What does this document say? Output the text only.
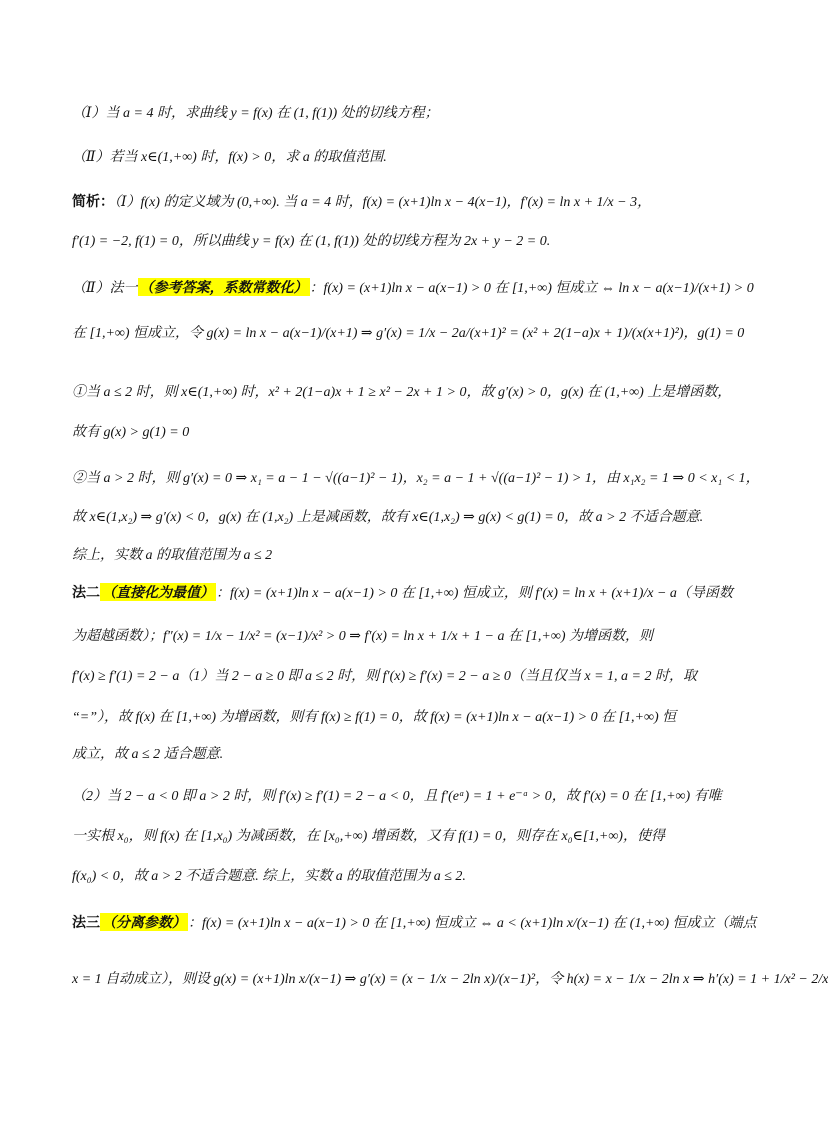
（Ⅰ）当 a = 4 时，求曲线 y = f(x) 在 (1, f(1)) 处的切线方程；
（Ⅱ）若当 x∈(1,+∞) 时，f(x) > 0，求 a 的取值范围.
简析：（Ⅰ）f(x) 的定义域为 (0,+∞). 当 a = 4 时，f(x) = (x+1)ln x − 4(x−1)，f′(x) = ln x + 1/x − 3，
f′(1) = −2, f(1) = 0，所以曲线 y = f(x) 在 (1, f(1)) 处的切线方程为 2x + y − 2 = 0.
（Ⅱ）法一 （参考答案，系数常数化） ：f(x) = (x+1)ln x − a(x−1) > 0 在 [1,+∞) 恒成立 ⇔ ln x − a(x−1)/(x+1) > 0
在 [1,+∞) 恒成立，令 g(x) = ln x − a(x−1)/(x+1) ⇒ g′(x) = 1/x − 2a/(x+1)² = (x² + 2(1−a)x + 1)/(x(x+1)²)，g(1) = 0
①当 a ≤ 2 时，则 x∈(1,+∞) 时，x² + 2(1−a)x + 1 ≥ x² − 2x + 1 > 0，故 g′(x) > 0，g(x) 在 (1,+∞) 上是增函数，
故有 g(x) > g(1) = 0
②当 a > 2 时，则 g′(x) = 0 ⇒ x₁ = a − 1 − √((a−1)² − 1)，x₂ = a − 1 + √((a−1)² − 1) > 1，由 x₁x₂ = 1 ⇒ 0 < x₁ < 1，
故 x∈(1,x₂) ⇒ g′(x) < 0，g(x) 在 (1,x₂) 上是减函数，故有 x∈(1,x₂) ⇒ g(x) < g(1) = 0，故 a > 2 不适合题意.
综上，实数 a 的取值范围为 a ≤ 2
法二 （直接化为最值） ：f(x) = (x+1)ln x − a(x−1) > 0 在 [1,+∞) 恒成立，则 f′(x) = ln x + (x+1)/x − a（导函数
为超越函数）；f″(x) = 1/x − 1/x² = (x−1)/x² > 0 ⇒ f′(x) = ln x + 1/x + 1 − a 在 [1,+∞) 为增函数，则
f′(x) ≥ f′(1) = 2 − a（1）当 2 − a ≥ 0 即 a ≤ 2 时，则 f′(x) ≥ f′(x) = 2 − a ≥ 0（当且仅当 x = 1, a = 2 时，取
“=”），故 f(x) 在 [1,+∞) 为增函数，则有 f(x) ≥ f(1) = 0，故 f(x) = (x+1)ln x − a(x−1) > 0 在 [1,+∞) 恒
成立，故 a ≤ 2 适合题意.
（2）当 2 − a < 0 即 a > 2 时，则 f′(x) ≥ f′(1) = 2 − a < 0，且 f′(eᵃ) = 1 + e⁻ᵃ > 0，故 f′(x) = 0 在 [1,+∞) 有唯
一实根 x₀，则 f(x) 在 [1,x₀) 为减函数，在 [x₀,+∞) 增函数，又有 f(1) = 0，则存在 x₀∈[1,+∞)，使得
f(x₀) < 0，故 a > 2 不适合题意. 综上，实数 a 的取值范围为 a ≤ 2.
法三 （分离参数） ：f(x) = (x+1)ln x − a(x−1) > 0 在 [1,+∞) 恒成立 ⇔ a < (x+1)ln x/(x−1) 在 (1,+∞) 恒成立（端点
x = 1 自动成立），则设 g(x) = (x+1)ln x/(x−1) ⇒ g′(x) = (x − 1/x − 2ln x)/(x−1)²，令 h(x) = x − 1/x − 2ln x ⇒ h′(x) = 1 + 1/x² − 2/x
